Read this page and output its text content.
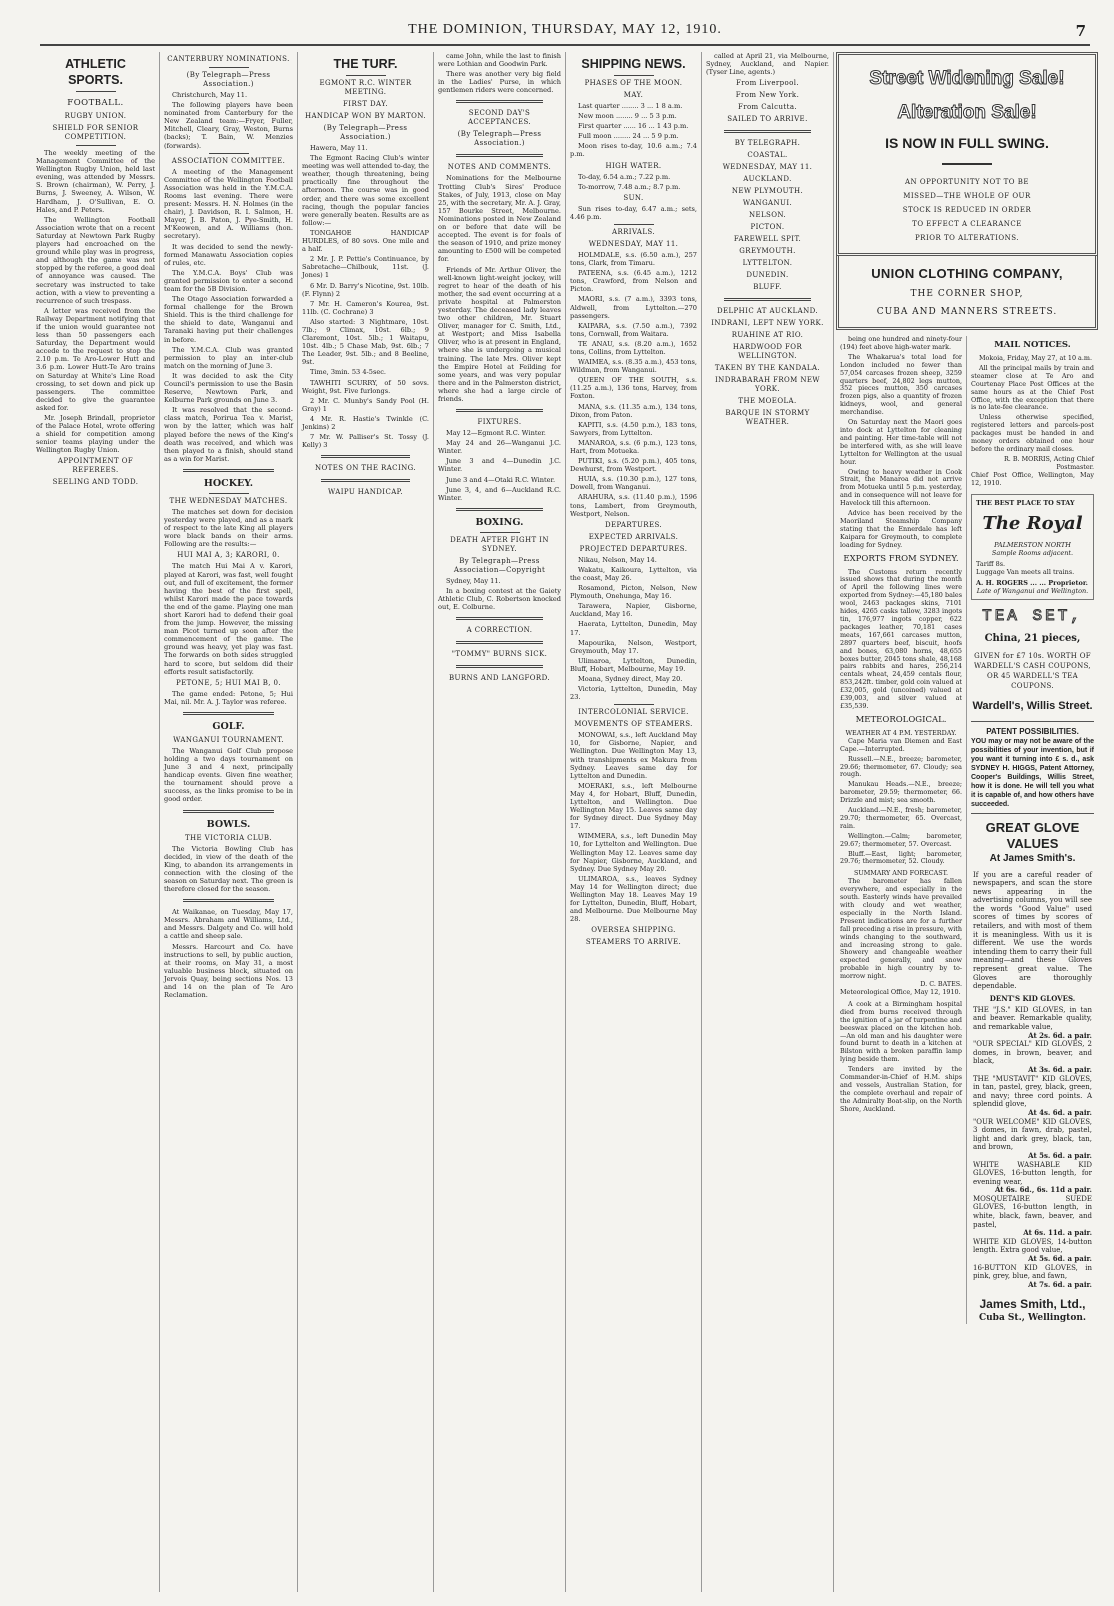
THE DOMINION, THURSDAY, MAY 12, 1910.	7
ATHLETIC SPORTS.
FOOTBALL.
RUGBY UNION.
SHIELD FOR SENIOR COMPETITION.
The weekly meeting of the Management Committee of the Wellington Rugby Union, held last evening, was attended by Messrs. S. Brown (chairman), W. Perry, J. Burns, J. Sweeney, A. Wilson, W. Hardham, J. O'Sullivan, E. O. Hales, and P. Peters.
The Wellington Football Association wrote that on a recent Saturday at Newtown Park Rugby players had encroached on the ground while play was in progress, and although the game was not stopped by the referee, a good deal of annoyance was caused. The secretary was instructed to take action, with a view to preventing a recurrence of such trespass.
A letter was received from the Railway Department notifying that if the union would guarantee not less than 50 passengers each Saturday, the Department would accede to the request to stop the 2.10 p.m. Te Aro-Lower Hutt and 3.6 p.m. Lower Hutt-Te Aro trains on Saturday at White's Line Road crossing, to set down and pick up passengers. The committee decided to give the guarantee asked for.
Mr. Joseph Brindall, proprietor of the Palace Hotel, wrote offering a shield for competition among senior teams playing under the Wellington Rugby Union.
APPOINTMENT OF REFEREES.
SEELING AND TODD.
CANTERBURY NOMINATIONS.
(By Telegraph—Press Association.)
Christchurch, May 11.
The following players have been nominated from Canterbury for the New Zealand team:—Fryer, Fuller, Mitchell, Cleary, Gray, Weston, Burns (backs); T. Bain, W. Menzies (forwards).
ASSOCIATION COMMITTEE.
A meeting of the Management Committee of the Wellington Football Association was held in the Y.M.C.A. Rooms last evening. There were present: Messrs. H. N. Holmes (in the chair), J. Davidson, R. I. Salmon, H. Mayer, J. B. Paton, J. Pye-Smith, H. M'Keowen, and A. Williams (hon. secretary).
It was decided to send the newly-formed Manawatu Association copies of rules, etc.
The Y.M.C.A. Boys' Club was granted permission to enter a second team for the 5B Division.
The Otago Association forwarded a formal challenge for the Brown Shield. This is the third challenge for the shield to date, Wanganui and Taranaki having put their challenges in before.
The Y.M.C.A. Club was granted permission to play an inter-club match on the morning of June 3.
It was decided to ask the City Council's permission to use the Basin Reserve, Newtown Park, and Kelburne Park grounds on June 3.
It was resolved that the second-class match, Porirua Tea v. Marist, won by the latter, which was half played before the news of the King's death was received, and which was then played to a finish, should stand as a win for Marist.
HOCKEY.
THE WEDNESDAY MATCHES.
The matches set down for decision yesterday were played, and as a mark of respect to the late King all players wore black bands on their arms. Following are the results:—
HUI MAI A, 3; KARORI, 0.
The match Hui Mai A v. Karori, played at Karori, was fast, well fought out, and full of excitement, the former having the best of the first spell, whilst Karori made the pace towards the end of the game. Playing one man short Karori had to defend their goal from the jump. However, the missing man Picot turned up soon after the commencement of the game. The ground was heavy, yet play was fast. The forwards on both sides struggled hard to score, but seldom did their efforts result satisfactorily.
PETONE, 5; HUI MAI B, 0.
The game ended: Petone, 5; Hui Mai, nil. Mr. A. J. Taylor was referee.
GOLF.
WANGANUI TOURNAMENT.
The Wanganui Golf Club propose holding a two days tournament on June 3 and 4 next, principally handicap events. Given fine weather, the tournament should prove a success, as the links promise to be in good order.
BOWLS.
THE VICTORIA CLUB.
The Victoria Bowling Club has decided, in view of the death of the King, to abandon its arrangements in connection with the closing of the season on Saturday next. The green is therefore closed for the season.
At Waikanae, on Tuesday, May 17, Messrs. Abraham and Williams, Ltd., and Messrs. Dalgety and Co. will hold a cattle and sheep sale.
Messrs. Harcourt and Co. have instructions to sell, by public auction, at their rooms, on May 31, a most valuable business block, situated on Jervois Quay, being sections Nos. 13 and 14 on the plan of Te Aro Reclamation.
THE TURF.
EGMONT R.C. WINTER MEETING.
FIRST DAY.
HANDICAP WON BY MARTON.
(By Telegraph—Press Association.)
Hawera, May 11.
The Egmont Racing Club's winter meeting was well attended to-day, the weather, though threatening, being practically fine throughout the afternoon. The course was in good order, and there was some excellent racing, though the popular fancies were generally beaten. Results are as follow:—
TONGAHOE HANDICAP HURDLES, of 80 sovs. One mile and a half.
2 Mr. J. P. Pettie's Continuance, by Sabretache—Chilbouk, 11st. (J. Jones) 1
6 Mr. D. Barry's Nicotine, 9st. 10lb. (F. Flynn) 2
7 Mr. H. Cameron's Kourea, 9st. 11lb. (C. Cochrane) 3
Also started: 3 Nightmare, 10st. 7lb.; 9 Climax, 10st. 6lb.; 9 Claremont, 10st. 5lb.; 1 Waitapu, 10st. 4lb.; 5 Chase Mab, 9st. 6lb.; 7 The Leader, 9st. 5lb.; and 8 Beeline, 9st.
Time, 3min. 53 4-5sec.
TAWHITI SCURRY, of 50 sovs. Weight, 9st. Five furlongs.
2 Mr. C. Munby's Sandy Pool (H. Gray) 1
4 Mr. R. Hastie's Twinkle (C. Jenkins) 2
7 Mr. W. Palliser's St. Tossy (J. Kelly) 3
NOTES ON THE RACING.
WAIPU HANDICAP.
came John, while the last to finish were Lothian and Goodwin Park.
There was another very big field in the Ladies' Purse, in which gentlemen riders were concerned.
SECOND DAY'S ACCEPTANCES.
(By Telegraph—Press Association.)
NOTES AND COMMENTS.
Nominations for the Melbourne Trotting Club's Sires' Produce Stakes, of July, 1913, close on May 25, with the secretary, Mr. A. J. Gray, 157 Bourke Street, Melbourne. Nominations posted in New Zealand on or before that date will be accepted. The event is for foals of the season of 1910, and prize money amounting to £500 will be competed for.
Friends of Mr. Arthur Oliver, the well-known light-weight jockey, will regret to hear of the death of his mother, the sad event occurring at a private hospital at Palmerston yesterday. The deceased lady leaves two other children, Mr. Stuart Oliver, manager for C. Smith, Ltd., at Westport; and Miss Isabella Oliver, who is at present in England, where she is undergoing a musical training. The late Mrs. Oliver kept the Empire Hotel at Feilding for some years, and was very popular there and in the Palmerston district, where she had a large circle of friends.
FIXTURES.
May 12—Egmont R.C. Winter.
May 24 and 26—Wanganui J.C. Winter.
June 3 and 4—Dunedin J.C. Winter.
June 3 and 4—Otaki R.C. Winter.
June 3, 4, and 6—Auckland R.C. Winter.
BOXING.
DEATH AFTER FIGHT IN SYDNEY.
By Telegraph—Press Association—Copyright
Sydney, May 11.
In a boxing contest at the Gaiety Athletic Club, C. Robertson knocked out, E. Colburne.
A CORRECTION.
"TOMMY" BURNS SICK.
BURNS AND LANGFORD.
SHIPPING NEWS.
PHASES OF THE MOON.
MAY.
Last quarter ........ 3 ... 1 8 a.m.
New moon ........ 9 ... 5 3 p.m.
First quarter ...... 16 ... 1 43 p.m.
Full moon ........ 24 ... 5 9 p.m.
Moon rises to-day, 10.6 a.m.; 7.4 p.m.
HIGH WATER.
To-day, 6.54 a.m.; 7.22 p.m.
To-morrow, 7.48 a.m.; 8.7 p.m.
SUN.
Sun rises to-day, 6.47 a.m.; sets, 4.46 p.m.
ARRIVALS.
WEDNESDAY, MAY 11.
HOLMDALE, s.s. (6.50 a.m.), 257 tons, Clark, from Timaru.
PATEENA, s.s. (6.45 a.m.), 1212 tons, Crawford, from Nelson and Picton.
MAORI, s.s. (7 a.m.), 3393 tons, Aldwell, from Lyttelton.—270 passengers.
KAIPARA, s.s. (7.50 a.m.), 7392 tons, Cornwall, from Waitara.
TE ANAU, s.s. (8.20 a.m.), 1652 tons, Collins, from Lyttelton.
WAIMEA, s.s. (8.35 a.m.), 453 tons, Wildman, from Wanganui.
QUEEN OF THE SOUTH, s.s. (11.25 a.m.), 136 tons, Harvey, from Foxton.
MANA, s.s. (11.35 a.m.), 134 tons, Dixon, from Paton.
KAPITI, s.s. (4.50 p.m.), 183 tons, Sawyers, from Lyttelton.
MANAROA, s.s. (6 p.m.), 123 tons, Hart, from Motueka.
PUTIKI, s.s. (5.20 p.m.), 405 tons, Dewhurst, from Westport.
HUIA, s.s. (10.30 p.m.), 127 tons, Dowell, from Wanganui.
ARAHURA, s.s. (11.40 p.m.), 1596 tons, Lambert, from Greymouth, Westport, Nelson.
DEPARTURES.
EXPECTED ARRIVALS.
PROJECTED DEPARTURES.
Nikau, Nelson, May 14.
Wakatu, Kaikoura, Lyttelton, via the coast, May 26.
Rosamond, Picton, Nelson, New Plymouth, Onehunga, May 16.
Tarawera, Napier, Gisborne, Auckland, May 16.
Haerata, Lyttelton, Dunedin, May 17.
Mapourika, Nelson, Westport, Greymouth, May 17.
Ulimaroa, Lyttelton, Dunedin, Bluff, Hobart, Melbourne, May 19.
Moana, Sydney direct, May 20.
Victoria, Lyttelton, Dunedin, May 23.
INTERCOLONIAL SERVICE.
MOVEMENTS OF STEAMERS.
MONOWAI, s.s., left Auckland May 10, for Gisborne, Napier, and Wellington. Due Wellington May 13, with transhipments ex Makura from Sydney. Leaves same day for Lyttelton and Dunedin.
MOERAKI, s.s., left Melbourne May 4, for Hobart, Bluff, Dunedin, Lyttelton, and Wellington. Due Wellington May 15. Leaves same day for Sydney direct. Due Sydney May 17.
WIMMERA, s.s., left Dunedin May 10, for Lyttelton and Wellington. Due Wellington May 12. Leaves same day for Napier, Gisborne, Auckland, and Sydney. Due Sydney May 20.
ULIMAROA, s.s., leaves Sydney May 14 for Wellington direct; due Wellington May 18. Leaves May 19 for Lyttelton, Dunedin, Bluff, Hobart, and Melbourne. Due Melbourne May 28.
OVERSEA SHIPPING.
STEAMERS TO ARRIVE.
called at April 21, via Melbourne, Sydney, Auckland, and Napier. (Tyser Line, agents.)
From Liverpool.
From New York.
From Calcutta.
SAILED TO ARRIVE.
BY TELEGRAPH.
COASTAL.
WEDNESDAY, MAY 11.
AUCKLAND.
NEW PLYMOUTH.
WANGANUI.
NELSON.
PICTON.
FAREWELL SPIT.
GREYMOUTH.
LYTTELTON.
DUNEDIN.
BLUFF.
DELPHIC AT AUCKLAND.
INDRANI, LEFT NEW YORK.
RUAHINE AT RIO.
HARDWOOD FOR WELLINGTON.
TAKEN BY THE KANDALA.
INDRABARAH FROM NEW YORK.
THE MOEOLA.
BARQUE IN STORMY WEATHER.
Street Widening Sale!
Alteration Sale!
IS NOW IN FULL SWING.
AN OPPORTUNITY NOT TO BE
MISSED—THE WHOLE OF OUR
STOCK IS REDUCED IN ORDER
TO EFFECT A CLEARANCE
PRIOR TO ALTERATIONS.
UNION CLOTHING COMPANY,
THE CORNER SHOP,
CUBA AND MANNERS STREETS.
being one hundred and ninety-four (194) feet above high-water mark.
The Whakarua's total load for London included no fewer than 57,054 carcases frozen sheep, 3259 quarters beef, 24,802 legs mutton, 352 pieces mutton, 350 carcases frozen pigs, also a quantity of frozen kidneys, wool, and general merchandise.
On Saturday next the Maori goes into dock at Lyttelton for cleaning and painting. Her time-table will not be interfered with, as she will leave Lyttelton for Wellington at the usual hour.
Owing to heavy weather in Cook Strait, the Manaroa did not arrive from Motueka until 5 p.m. yesterday, and in consequence will not leave for Havelock till this afternoon.
Advice has been received by the Maoriland Steamship Company stating that the Ennerdale has left Kaipara for Greymouth, to complete loading for Sydney.
EXPORTS FROM SYDNEY.
The Customs return recently issued shows that during the month of April the following lines were exported from Sydney:—45,180 bales wool, 2463 packages skins, 7101 hides, 4265 casks tallow, 3283 ingots tin, 176,977 ingots copper, 622 packages leather, 70,181 cases meats, 167,661 carcases mutton, 2897 quarters beef, biscuit, hoofs and bones, 63,080 horns, 48,655 boxes butter, 2045 tons shale, 48,168 pairs rabbits and hares, 256,214 centals wheat, 24,459 centals flour, 853,242ft. timber, gold coin valued at £32,005, gold (uncoined) valued at £39,003, and silver valued at £35,539.
METEOROLOGICAL.
WEATHER AT 4 P.M. YESTERDAY.
Cape Maria van Diemen and East Cape.—Interrupted.
Russell.—N.E., breeze; barometer, 29.66; thermometer, 67. Cloudy; sea rough.
Manukau Heads.—N.E., breeze; barometer, 29.59; thermometer, 66. Drizzle and mist; sea smooth.
Auckland.—N.E., fresh; barometer, 29.70; thermometer, 65. Overcast, rain.
Wellington.—Calm; barometer, 29.67; thermometer, 57. Overcast.
Bluff.—East, light; barometer, 29.76; thermometer, 52. Cloudy.
SUMMARY AND FORECAST.
The barometer has fallen everywhere, and especially in the south. Easterly winds have prevailed with cloudy and wet weather, especially in the North Island. Present indications are for a further fall preceding a rise in pressure, with winds changing to the southward, and increasing strong to gale. Showery and changeable weather expected generally, and snow probable in high country by to-morrow night.
D. C. BATES.
Meteorological Office, May 12, 1910.
A cook at a Birmingham hospital died from burns received through the ignition of a jar of turpentine and beeswax placed on the kitchen hob.—An old man and his daughter were found burnt to death in a kitchen at Bilston with a broken paraffin lamp lying beside them.
Tenders are invited by the Commander-in-Chief of H.M. ships and vessels, Australian Station, for the complete overhaul and repair of the Admiralty Boat-slip, on the North Shore, Auckland.
MAIL NOTICES.
Mokoia, Friday, May 27, at 10 a.m.
All the principal mails by train and steamer close at Te Aro and Courtenay Place Post Offices at the same hours as at the Chief Post Office, with the exception that there is no late-fee clearance.
Unless otherwise specified, registered letters and parcels-post packages must be handed in and money orders obtained one hour before the ordinary mail closes.
R. B. MORRIS, Acting Chief Postmaster.
Chief Post Office, Wellington, May 12, 1910.
THE BEST PLACE TO STAY
The Royal
PALMERSTON NORTH
Sample Rooms adjacent.
Tariff 8s.
Luggage Van meets all trains.
A. H. ROGERS ... ... Proprietor.
Late of Wanganui and Wellington.
TEA SET,
China, 21 pieces,
GIVEN for £7 10s. WORTH OF WARDELL'S CASH COUPONS, OR 45 WARDELL'S TEA COUPONS.
Wardell's, Willis Street.
PATENT POSSIBILITIES.
YOU may or may not be aware of the possibilities of your invention, but if you want it turning into £ s. d., ask SYDNEY H. HIGGS, Patent Attorney, Cooper's Buildings, Willis Street, how it is done. He will tell you what it is capable of, and how others have succeeded.
GREAT GLOVE VALUES
At James Smith's.
If you are a careful reader of newspapers, and scan the store news appearing in the advertising columns, you will see the words "Good Value" used scores of times by scores of retailers, and with most of them it is meaningless. With us it is different. We use the words intending them to carry their full meaning—and these Gloves represent great value. The Gloves are thoroughly dependable.
DENT'S KID GLOVES.
THE "J.S." KID GLOVES, in tan and beaver. Remarkable quality, and remarkable value,
At 2s. 6d. a pair.
"OUR SPECIAL" KID GLOVES, 2 domes, in brown, beaver, and black,
At 3s. 6d. a pair.
THE "MUSTAVIT" KID GLOVES, in tan, pastel, grey, black, green, and navy; three cord points. A splendid glove,
At 4s. 6d. a pair.
"OUR WELCOME" KID GLOVES, 3 domes, in fawn, drab, pastel, light and dark grey, black, tan, and brown,
At 5s. 6d. a pair.
WHITE WASHABLE KID GLOVES, 16-button length, for evening wear,
At 6s. 6d., 6s. 11d a pair.
MOSQUETAIRE SUEDE GLOVES, 16-button length, in white, black, fawn, beaver, and pastel,
At 6s. 11d. a pair.
WHITE KID GLOVES, 14-button length. Extra good value,
At 5s. 6d. a pair.
16-BUTTON KID GLOVES, in pink, grey, blue, and fawn,
At 7s. 6d. a pair.
James Smith, Ltd.,
Cuba St., Wellington.
